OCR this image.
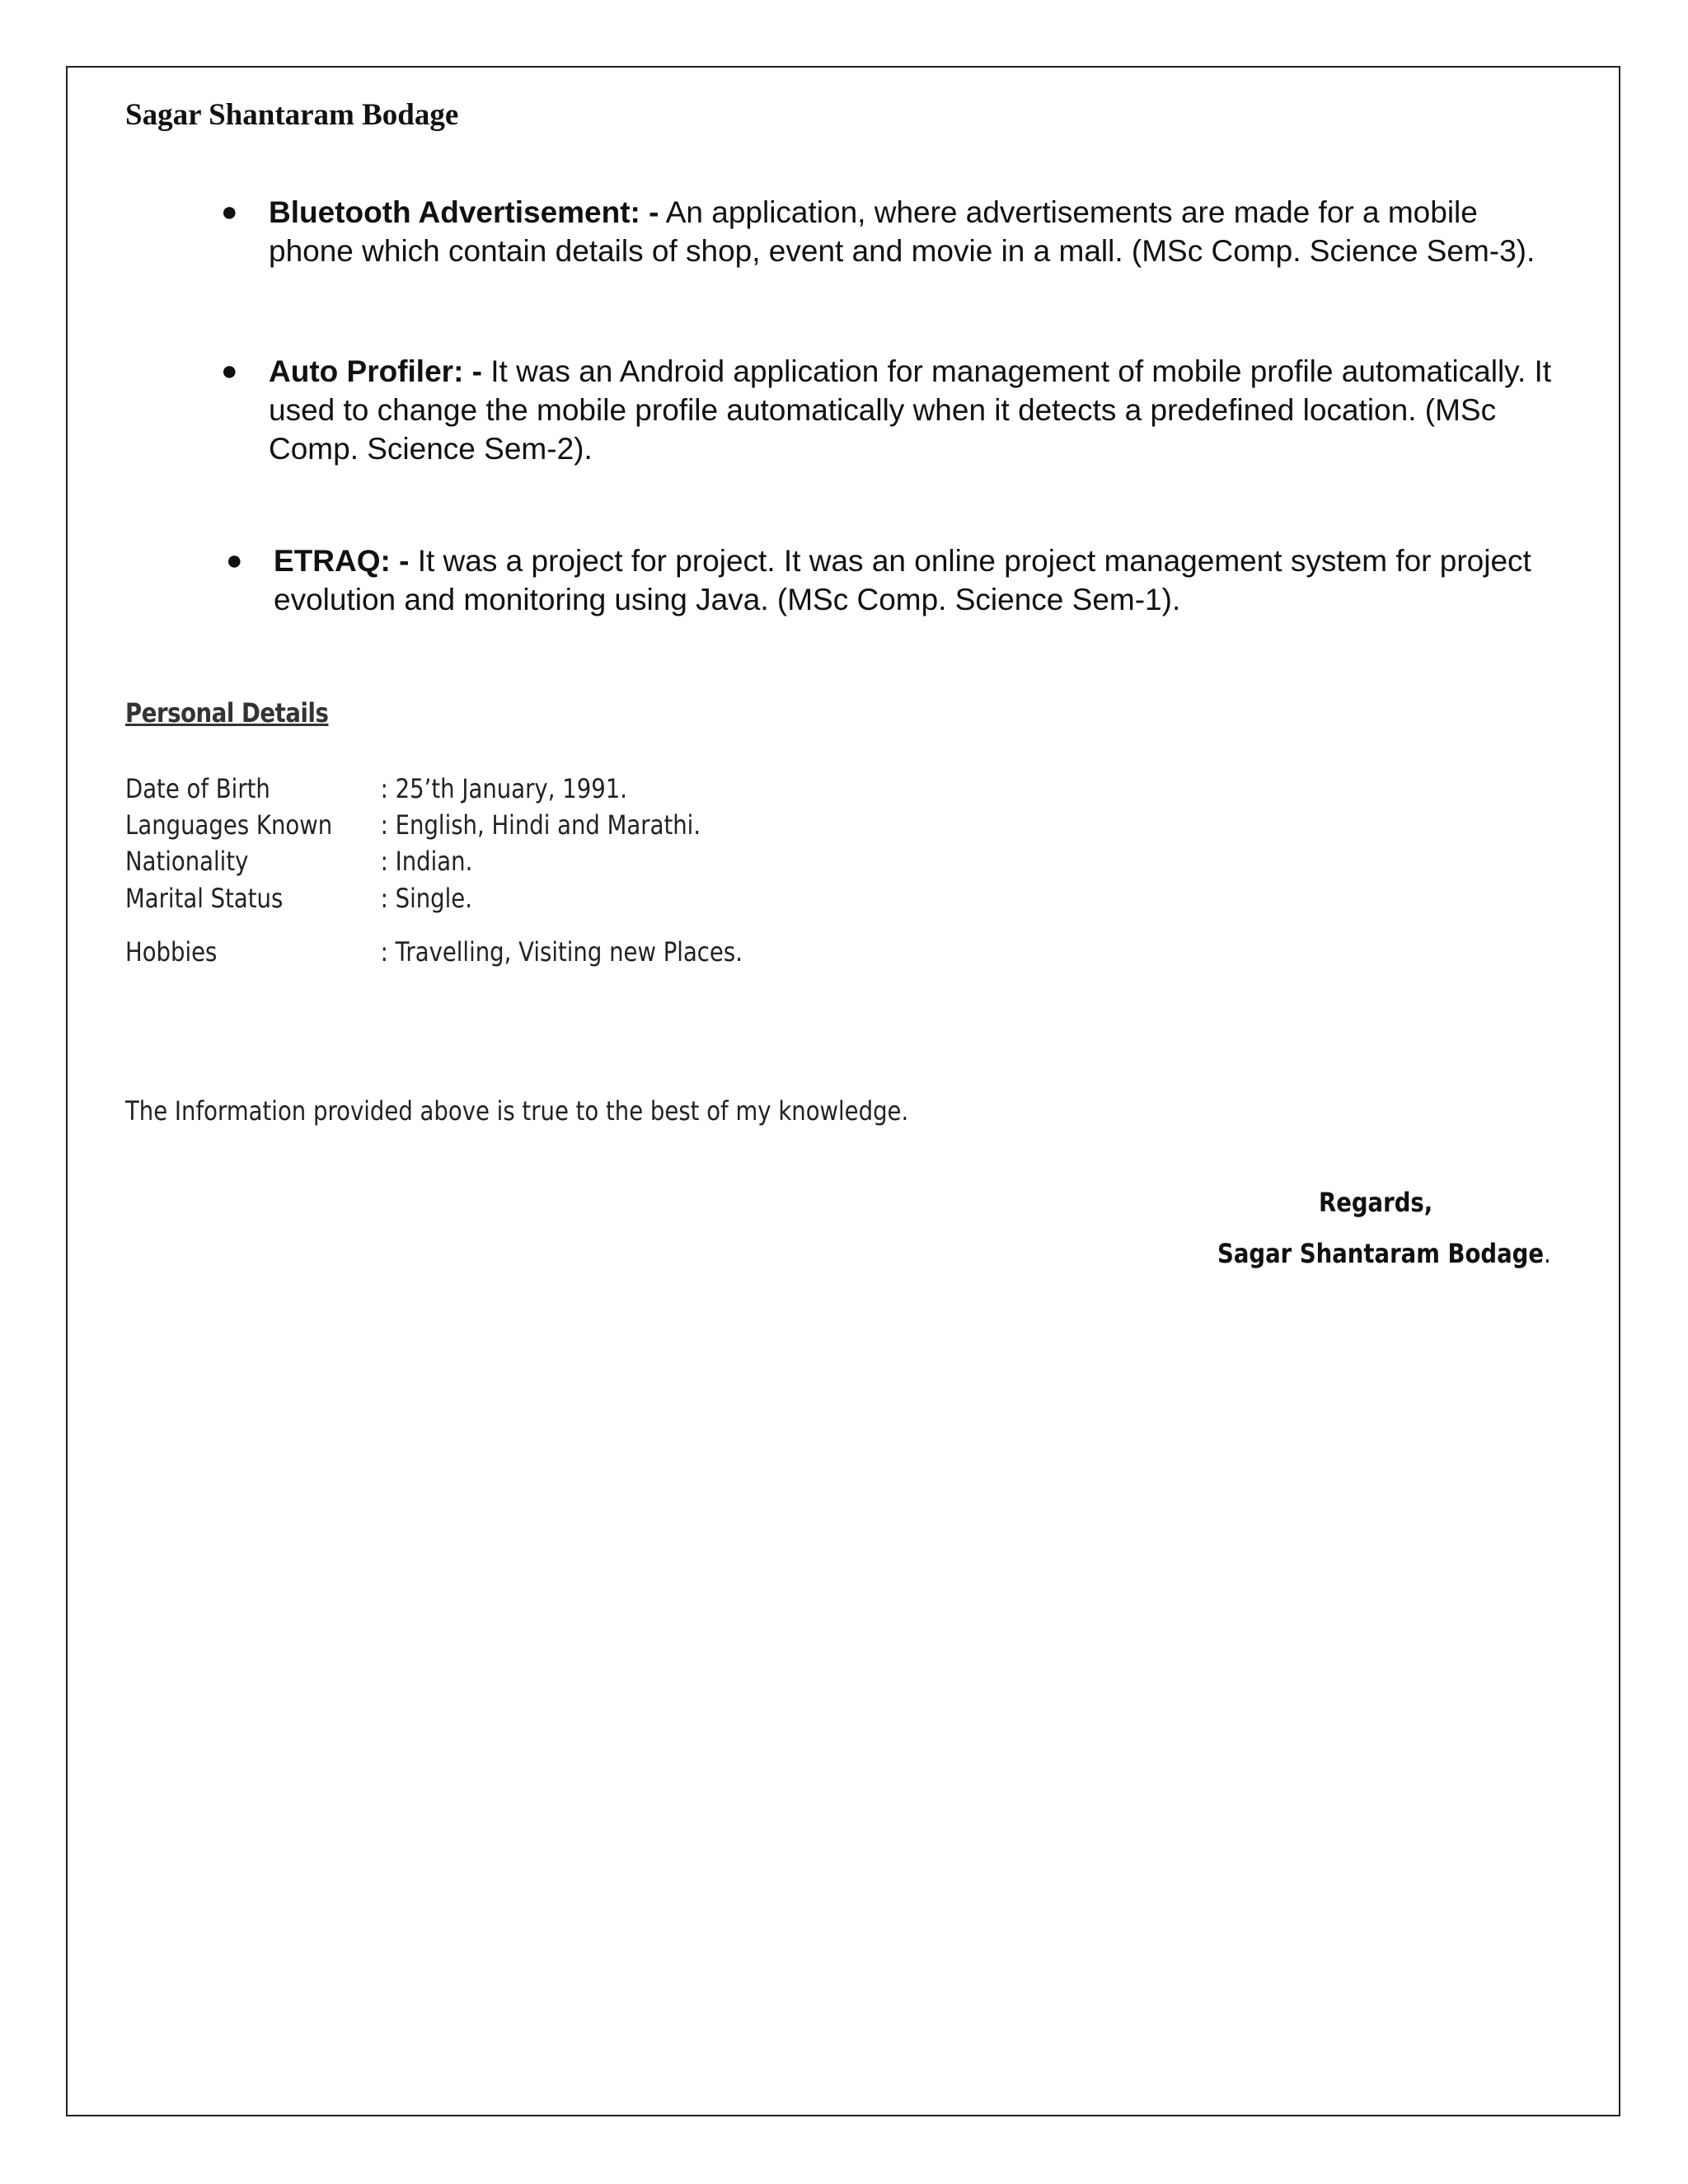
Sagar Shantaram Bodage
● Bluetooth Advertisement: - An application, where advertisements are made for a mobile phone which contain details of shop, event and movie in a mall. (MSc Comp. Science Sem-3).
● Auto Profiler: - It was an Android application for management of mobile profile automatically. It used to change the mobile profile automatically when it detects a predefined location. (MSc Comp. Science Sem-2).
● ETRAQ: - It was a project for project. It was an online project management system for project evolution and monitoring using Java. (MSc Comp. Science Sem-1).
Personal Details
Date of Birth	: 25’th January, 1991.
Languages Known : English, Hindi and Marathi.
Nationality	: Indian.
Marital Status	: Single.
Hobbies	: Travelling, Visiting new Places.
The Information provided above is true to the best of my knowledge.
Regards,
Sagar Shantaram Bodage.
